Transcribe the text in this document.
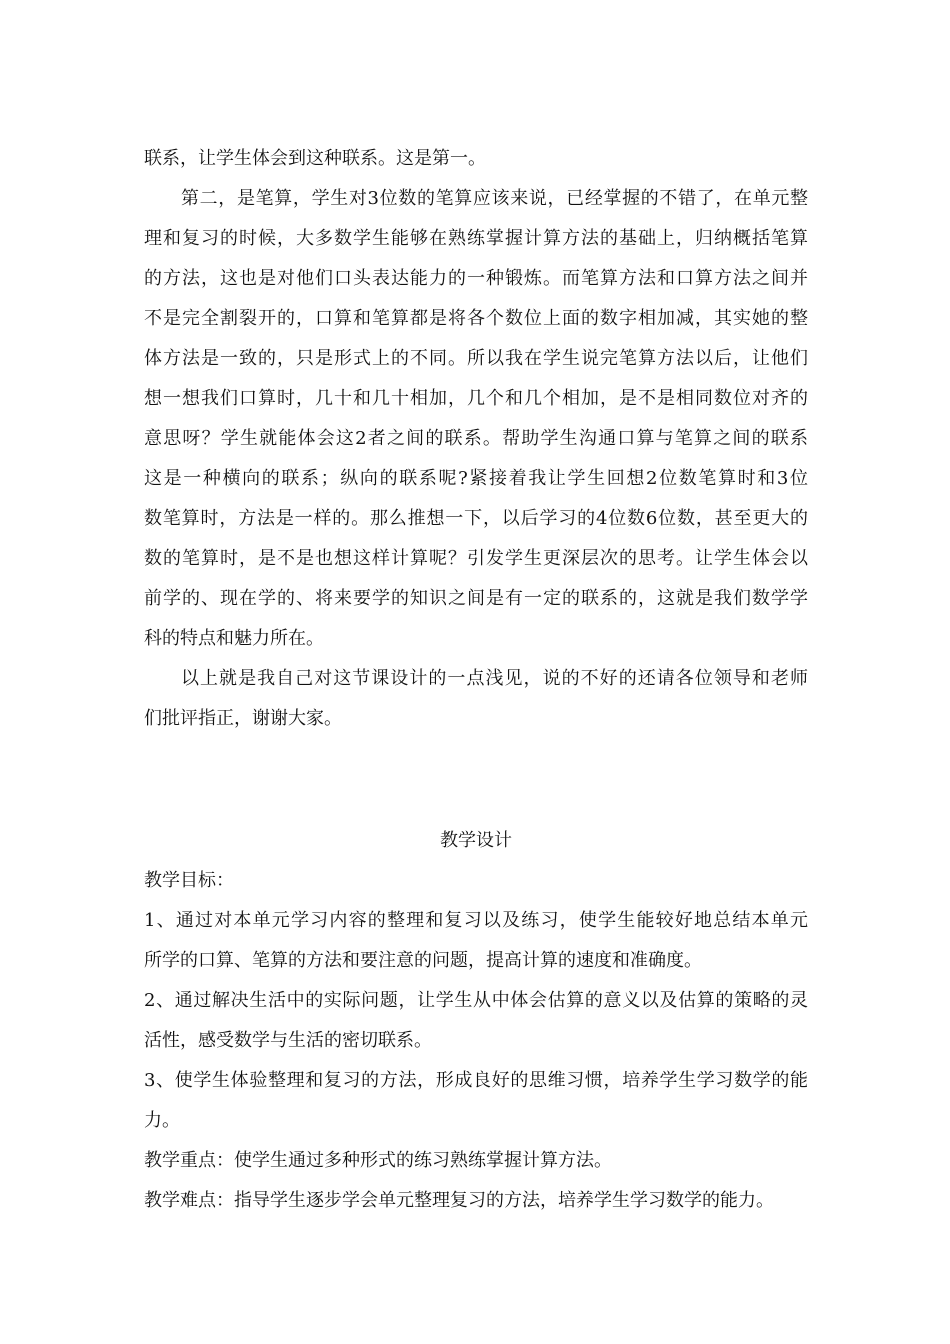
联系，让学生体会到这种联系。这是第一。
第二，是笔算，学生对3位数的笔算应该来说，已经掌握的不错了，在单元整
理和复习的时候，大多数学生能够在熟练掌握计算方法的基础上，归纳概括笔算
的方法，这也是对他们口头表达能力的一种锻炼。而笔算方法和口算方法之间并
不是完全割裂开的，口算和笔算都是将各个数位上面的数字相加减，其实她的整
体方法是一致的，只是形式上的不同。所以我在学生说完笔算方法以后，让他们
想一想我们口算时，几十和几十相加，几个和几个相加，是不是相同数位对齐的
意思呀？学生就能体会这2者之间的联系。帮助学生沟通口算与笔算之间的联系
这是一种横向的联系；纵向的联系呢?紧接着我让学生回想2位数笔算时和3位
数笔算时，方法是一样的。那么推想一下，以后学习的4位数6位数，甚至更大的
数的笔算时，是不是也想这样计算呢？引发学生更深层次的思考。让学生体会以
前学的、现在学的、将来要学的知识之间是有一定的联系的，这就是我们数学学
科的特点和魅力所在。
以上就是我自己对这节课设计的一点浅见，说的不好的还请各位领导和老师
们批评指正，谢谢大家。
教学设计
教学目标：
1、通过对本单元学习内容的整理和复习以及练习，使学生能较好地总结本单元
所学的口算、笔算的方法和要注意的问题，提高计算的速度和准确度。
2、通过解决生活中的实际问题，让学生从中体会估算的意义以及估算的策略的灵
活性，感受数学与生活的密切联系。
3、使学生体验整理和复习的方法，形成良好的思维习惯，培养学生学习数学的能
力。
教学重点：使学生通过多种形式的练习熟练掌握计算方法。
教学难点：指导学生逐步学会单元整理复习的方法，培养学生学习数学的能力。
